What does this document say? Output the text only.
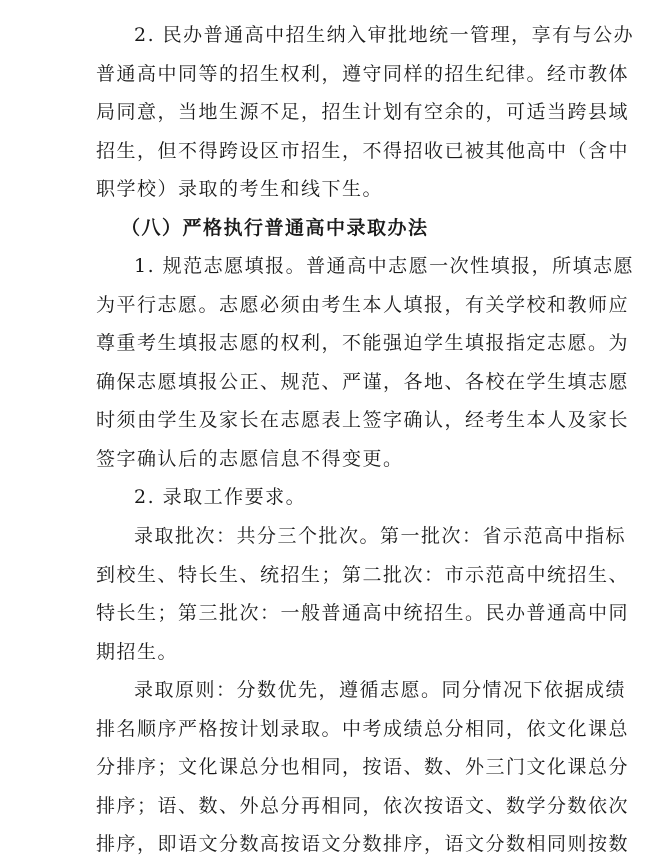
2. 民办普通高中招生纳入审批地统一管理，享有与公办
普通高中同等的招生权利，遵守同样的招生纪律。经市教体
局同意，当地生源不足，招生计划有空余的，可适当跨县域
招生，但不得跨设区市招生，不得招收已被其他高中（含中
职学校）录取的考生和线下生。
（八）严格执行普通高中录取办法
1. 规范志愿填报。普通高中志愿一次性填报，所填志愿
为平行志愿。志愿必须由考生本人填报，有关学校和教师应
尊重考生填报志愿的权利，不能强迫学生填报指定志愿。为
确保志愿填报公正、规范、严谨，各地、各校在学生填志愿
时须由学生及家长在志愿表上签字确认，经考生本人及家长
签字确认后的志愿信息不得变更。
2. 录取工作要求。
录取批次：共分三个批次。第一批次：省示范高中指标
到校生、特长生、统招生；第二批次：市示范高中统招生、
特长生；第三批次：一般普通高中统招生。民办普通高中同
期招生。
录取原则：分数优先，遵循志愿。同分情况下依据成绩
排名顺序严格按计划录取。中考成绩总分相同，依文化课总
分排序；文化课总分也相同，按语、数、外三门文化课总分
排序；语、数、外总分再相同，依次按语文、数学分数依次
排序，即语文分数高按语文分数排序，语文分数相同则按数
